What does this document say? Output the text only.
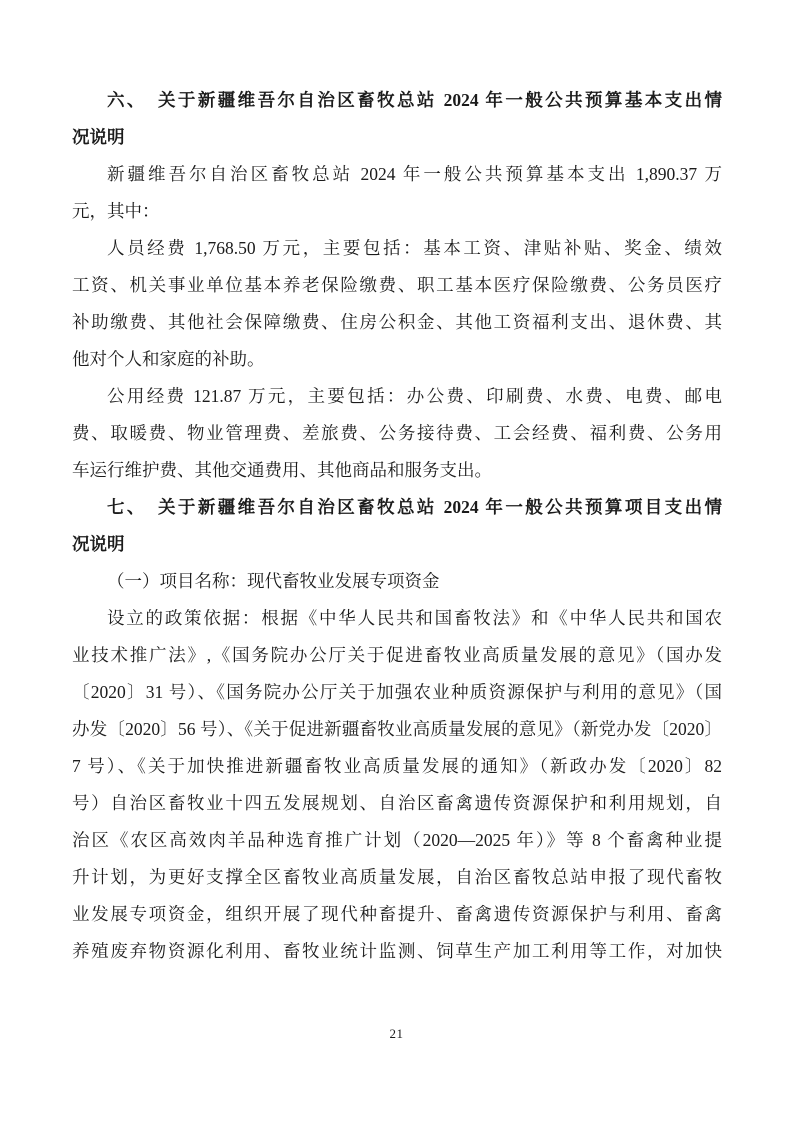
六、　关于新疆维吾尔自治区畜牧总站 2024 年一般公共预算基本支出情
况说明
新疆维吾尔自治区畜牧总站 2024 年一般公共预算基本支出 1,890.37 万
元，其中：
人员经费 1,768.50 万元，主要包括：基本工资、津贴补贴、奖金、绩效
工资、机关事业单位基本养老保险缴费、职工基本医疗保险缴费、公务员医疗
补助缴费、其他社会保障缴费、住房公积金、其他工资福利支出、退休费、其
他对个人和家庭的补助。
公用经费 121.87 万元，主要包括：办公费、印刷费、水费、电费、邮电
费、取暖费、物业管理费、差旅费、公务接待费、工会经费、福利费、公务用
车运行维护费、其他交通费用、其他商品和服务支出。
七、　关于新疆维吾尔自治区畜牧总站 2024 年一般公共预算项目支出情
况说明
（一）项目名称：现代畜牧业发展专项资金
设立的政策依据：根据《中华人民共和国畜牧法》和《中华人民共和国农
业技术推广法》,《国务院办公厅关于促进畜牧业高质量发展的意见》（国办发
〔2020〕31 号）、《国务院办公厅关于加强农业种质资源保护与利用的意见》（国
办发〔2020〕56 号）、《关于促进新疆畜牧业高质量发展的意见》（新党办发〔2020〕
7 号）、《关于加快推进新疆畜牧业高质量发展的通知》（新政办发〔2020〕82
号）自治区畜牧业十四五发展规划、自治区畜禽遗传资源保护和利用规划，自
治区《农区高效肉羊品种选育推广计划（2020—2025 年）》等 8 个畜禽种业提
升计划，为更好支撑全区畜牧业高质量发展，自治区畜牧总站申报了现代畜牧
业发展专项资金，组织开展了现代种畜提升、畜禽遗传资源保护与利用、畜禽
养殖废弃物资源化利用、畜牧业统计监测、饲草生产加工利用等工作，对加快
21
